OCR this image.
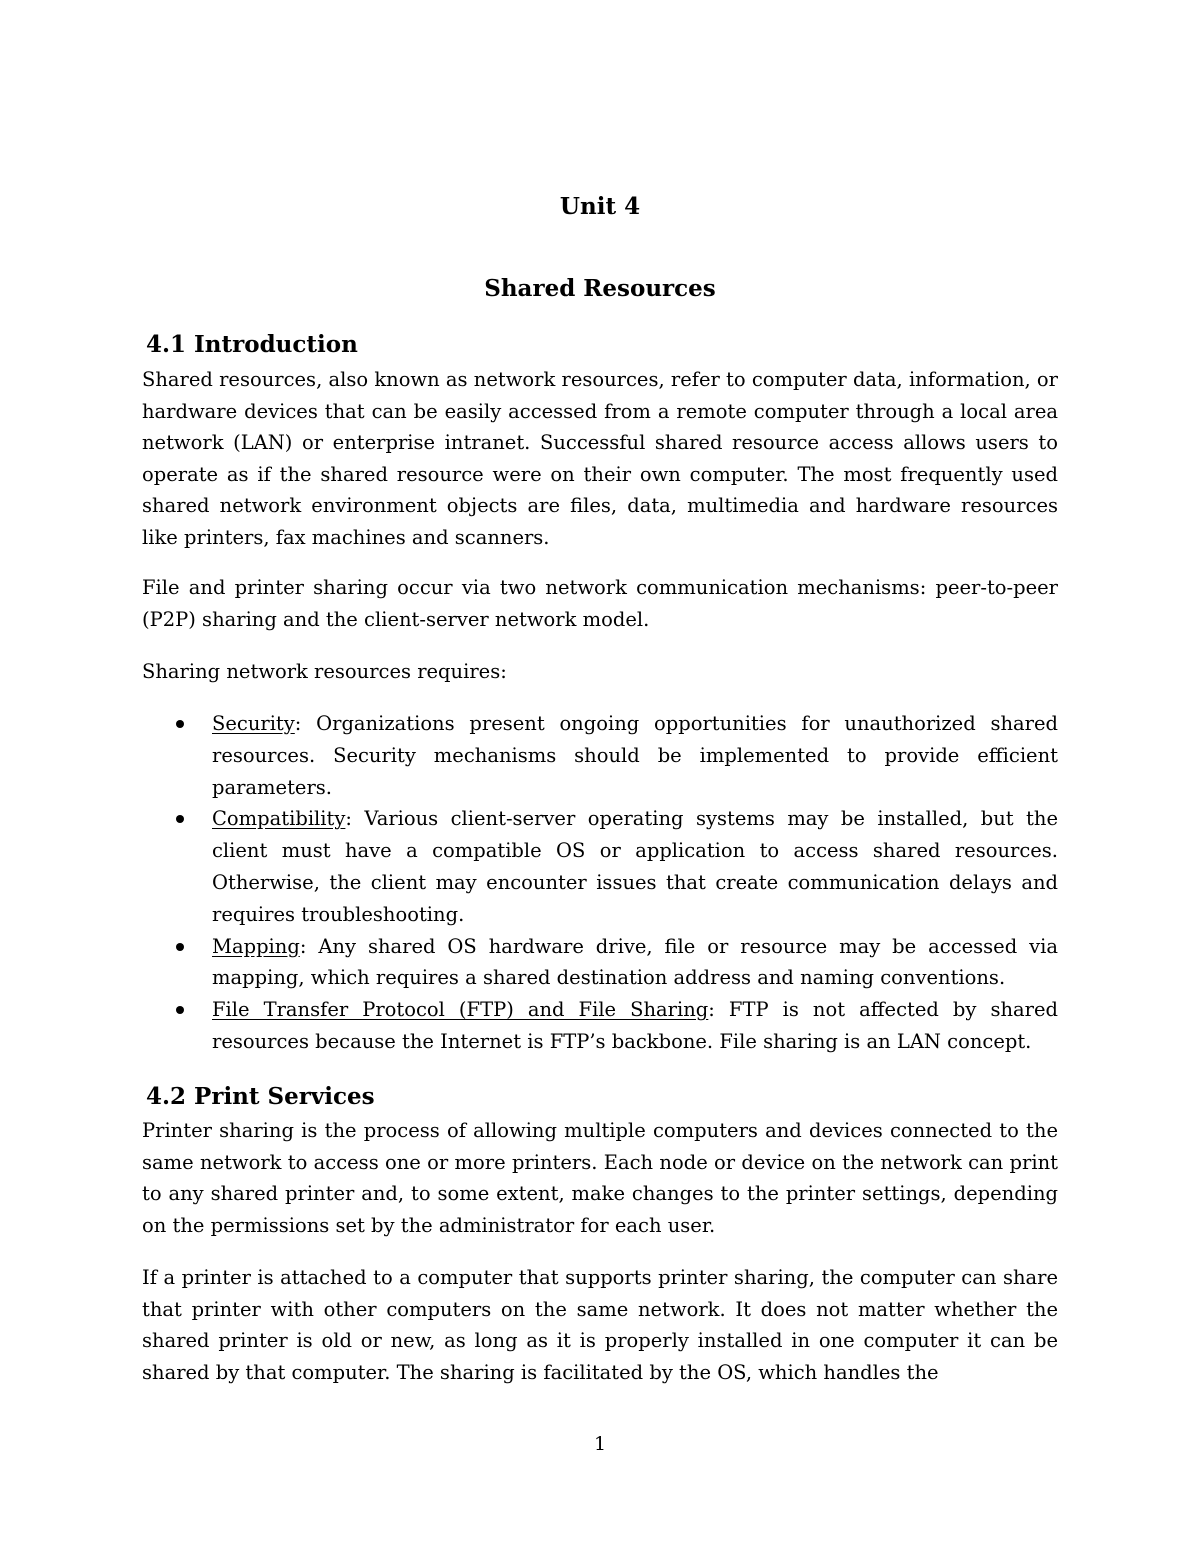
Unit 4
Shared Resources
4.1 Introduction

Shared resources, also known as network resources, refer to computer data, information, or hardware devices that can be easily accessed from a remote computer through a local area network (LAN) or enterprise intranet. Successful shared resource access allows users to operate as if the shared resource were on their own computer. The most frequently used shared network environment objects are files, data, multimedia and hardware resources like printers, fax machines and scanners.

File and printer sharing occur via two network communication mechanisms: peer-to-peer (P2P) sharing and the client-server network model.

Sharing network resources requires:

Security: Organizations present ongoing opportunities for unauthorized shared resources. Security mechanisms should be implemented to provide efficient parameters.
Compatibility: Various client-server operating systems may be installed, but the client must have a compatible OS or application to access shared resources. Otherwise, the client may encounter issues that create communication delays and requires troubleshooting.
Mapping: Any shared OS hardware drive, file or resource may be accessed via mapping, which requires a shared destination address and naming conventions.
File Transfer Protocol (FTP) and File Sharing: FTP is not affected by shared resources because the Internet is FTP’s backbone. File sharing is an LAN concept.
4.2 Print Services

Printer sharing is the process of allowing multiple computers and devices connected to the same network to access one or more printers. Each node or device on the network can print to any shared printer and, to some extent, make changes to the printer settings, depending on the permissions set by the administrator for each user.

If a printer is attached to a computer that supports printer sharing, the computer can share that printer with other computers on the same network. It does not matter whether the shared printer is old or new, as long as it is properly installed in one computer it can be shared by that computer. The sharing is facilitated by the OS, which handles the

1
